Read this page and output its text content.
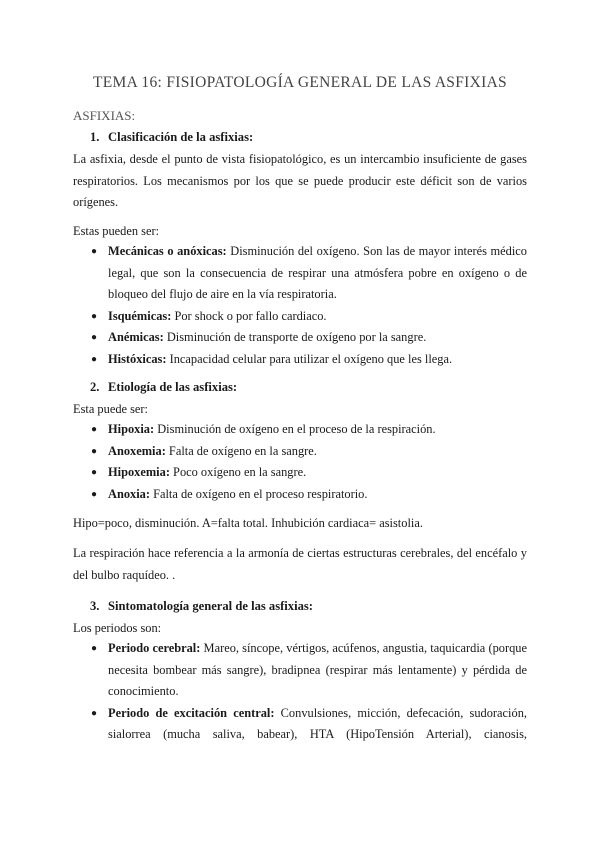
TEMA 16: FISIOPATOLOGÍA GENERAL DE LAS ASFIXIAS
ASFIXIAS:
1. Clasificación de la asfixias:

La asfixia, desde el punto de vista fisiopatológico, es un intercambio insuficiente de gases respiratorios. Los mecanismos por los que se puede producir este déficit son de varios orígenes.

Estas pueden ser:
● Mecánicas o anóxicas: Disminución del oxígeno. Son las de mayor interés médico legal, que son la consecuencia de respirar una atmósfera pobre en oxígeno o de bloqueo del flujo de aire en la vía respiratoria.
● Isquémicas: Por shock o por fallo cardiaco.
● Anémicas: Disminución de transporte de oxígeno por la sangre.
● Históxicas: Incapacidad celular para utilizar el oxígeno que les llega.
2. Etiología de las asfixias:
Esta puede ser:
● Hipoxia: Disminución de oxígeno en el proceso de la respiración.
● Anoxemia: Falta de oxígeno en la sangre.
● Hipoxemia: Poco oxígeno en la sangre.
● Anoxia: Falta de oxígeno en el proceso respiratorio.
Hipo=poco, disminución. A=falta total. Inhubición cardiaca= asistolia.

La respiración hace referencia a la armonía de ciertas estructuras cerebrales, del encéfalo y del bulbo raquídeo. .

3. Sintomatología general de las asfixias:
Los periodos son:
● Periodo cerebral: Mareo, síncope, vértigos, acúfenos, angustia, taquicardia (porque necesita bombear más sangre), bradipnea (respirar más lentamente) y pérdida de conocimiento.
● Periodo de excitación central: Convulsiones, micción, defecación, sudoración, sialorrea (mucha saliva, babear), HTA (HipoTensión Arterial), cianosis,
